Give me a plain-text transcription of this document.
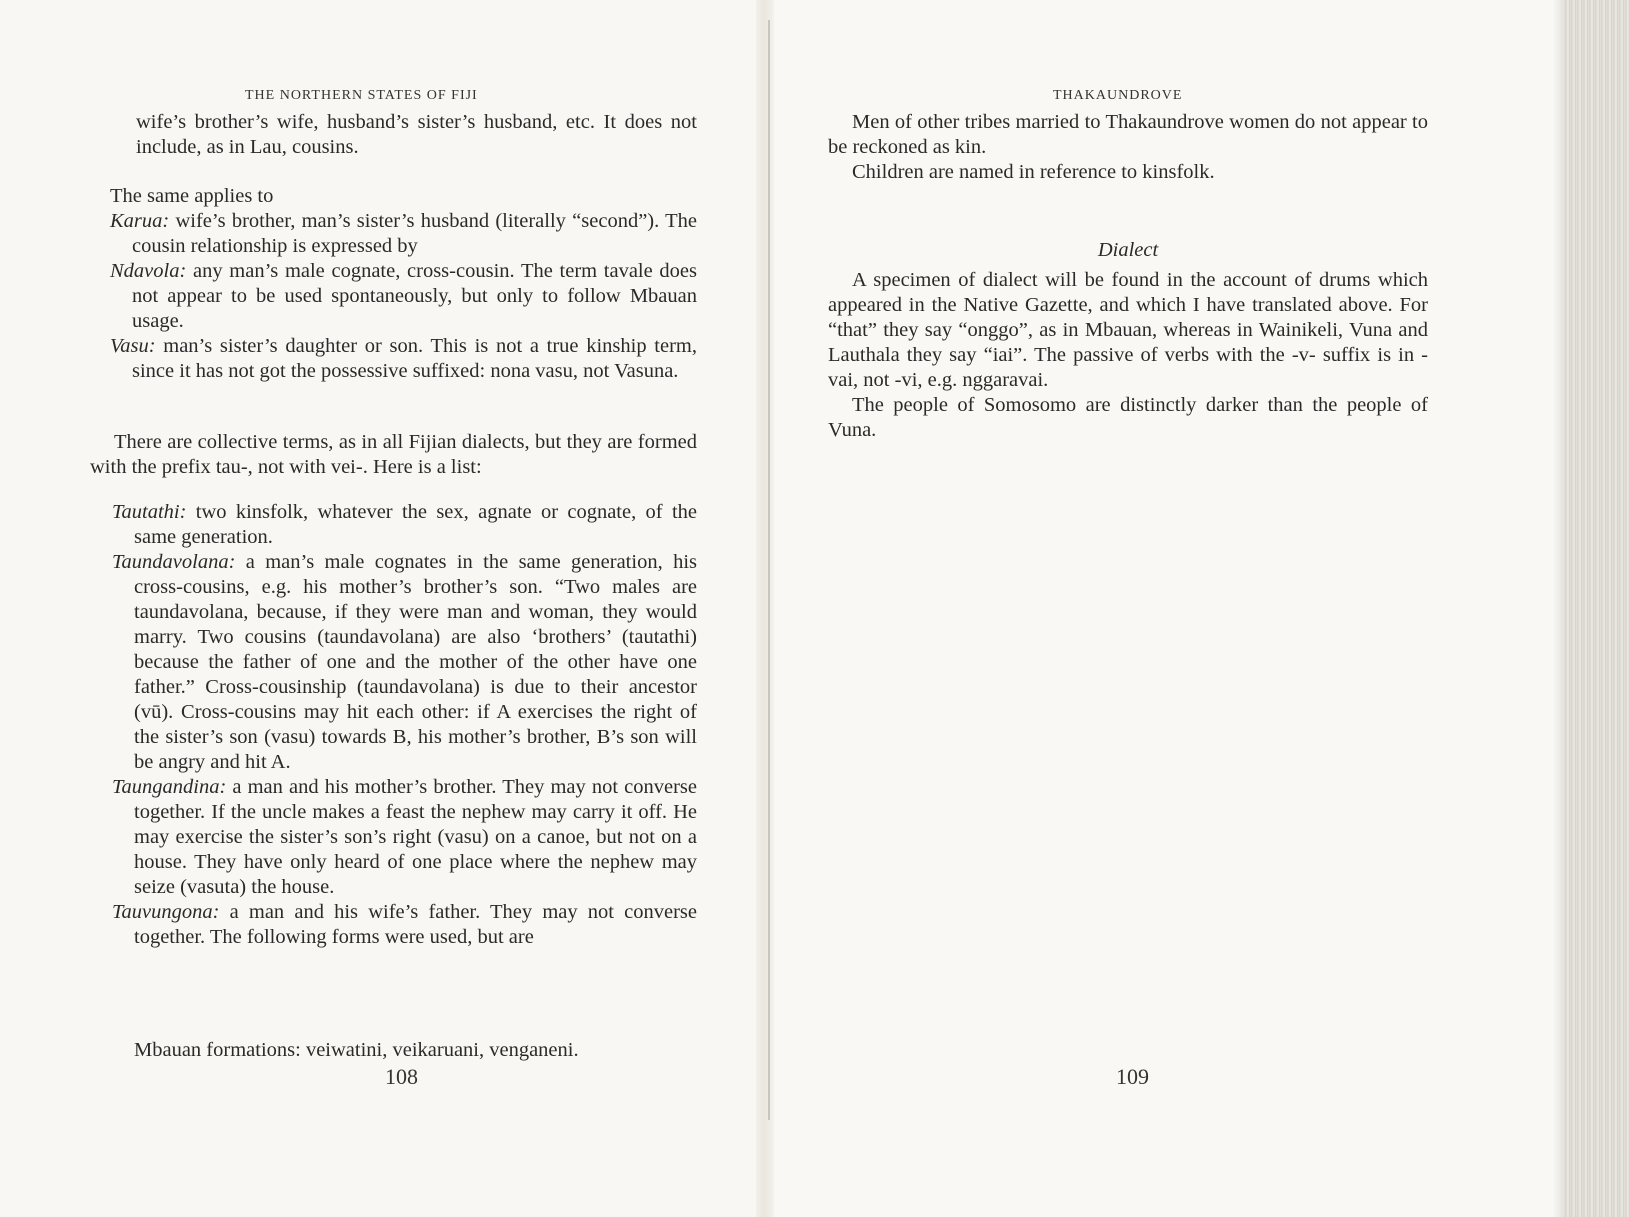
THE NORTHERN STATES OF FIJI

wife’s brother’s wife, husband’s sister’s husband, etc. It does not include, as in Lau, cousins.

The same applies to

Karua: wife’s brother, man’s sister’s husband (literally “second”). The cousin relationship is expressed by

Ndavola: any man’s male cognate, cross-cousin. The term tavale does not appear to be used spontaneously, but only to follow Mbauan usage.

Vasu: man’s sister’s daughter or son. This is not a true kinship term, since it has not got the possessive suffixed: nona vasu, not Vasuna.

There are collective terms, as in all Fijian dialects, but they are formed with the prefix tau-, not with vei-. Here is a list:

Tautathi: two kinsfolk, whatever the sex, agnate or cognate, of the same generation.

Taundavolana: a man’s male cognates in the same generation, his cross-cousins, e.g. his mother’s brother’s son. “Two males are taundavolana, because, if they were man and woman, they would marry. Two cousins (taundavolana) are also ‘brothers’ (tautathi) because the father of one and the mother of the other have one father.” Cross-cousinship (taundavolana) is due to their ancestor (vū). Cross-cousins may hit each other: if A exercises the right of the sister’s son (vasu) towards B, his mother’s brother, B’s son will be angry and hit A.

Taungandina: a man and his mother’s brother. They may not converse together. If the uncle makes a feast the nephew may carry it off. He may exercise the sister’s son’s right (vasu) on a canoe, but not on a house. They have only heard of one place where the nephew may seize (vasuta) the house.

Tauvungona: a man and his wife’s father. They may not converse together. The following forms were used, but are

Mbauan formations: veiwatini, veikaruani, venganeni.

108
THAKAUNDROVE

Men of other tribes married to Thakaundrove women do not appear to be reckoned as kin.

Children are named in reference to kinsfolk.

Dialect

A specimen of dialect will be found in the account of drums which appeared in the Native Gazette, and which I have translated above. For “that” they say “onggo”, as in Mbauan, whereas in Wainikeli, Vuna and Lauthala they say “iai”. The passive of verbs with the -v- suffix is in -vai, not -vi, e.g. nggaravai.

The people of Somosomo are distinctly darker than the people of Vuna.

109
